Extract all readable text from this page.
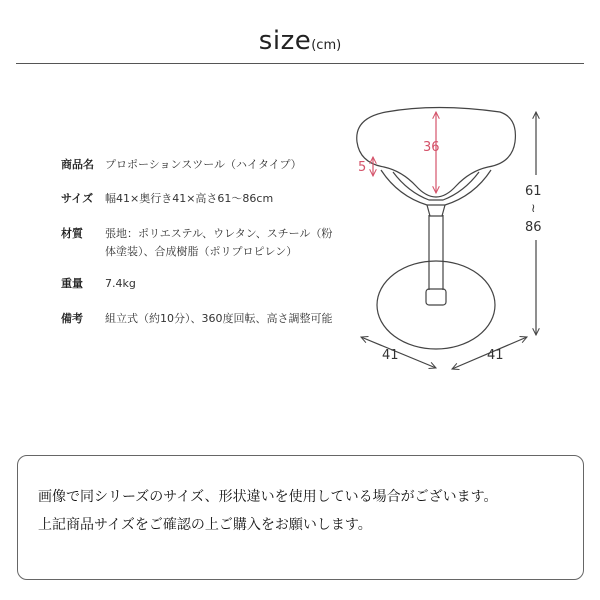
size(cm)
商品名	プロポーションスツール（ハイタイプ）
サイズ	幅41×奥行き41×高さ61～86cm
材質	張地：ポリエステル、ウレタン、スチール（粉
体塗装）、合成樹脂（ポリプロピレン）
重量	7.4kg
備考	組立式（約10分）、360度回転、高さ調整可能
36
5
61
≀
86
41	41
画像で同シリーズのサイズ、形状違いを使用している場合がございます。
上記商品サイズをご確認の上ご購入をお願いします。
